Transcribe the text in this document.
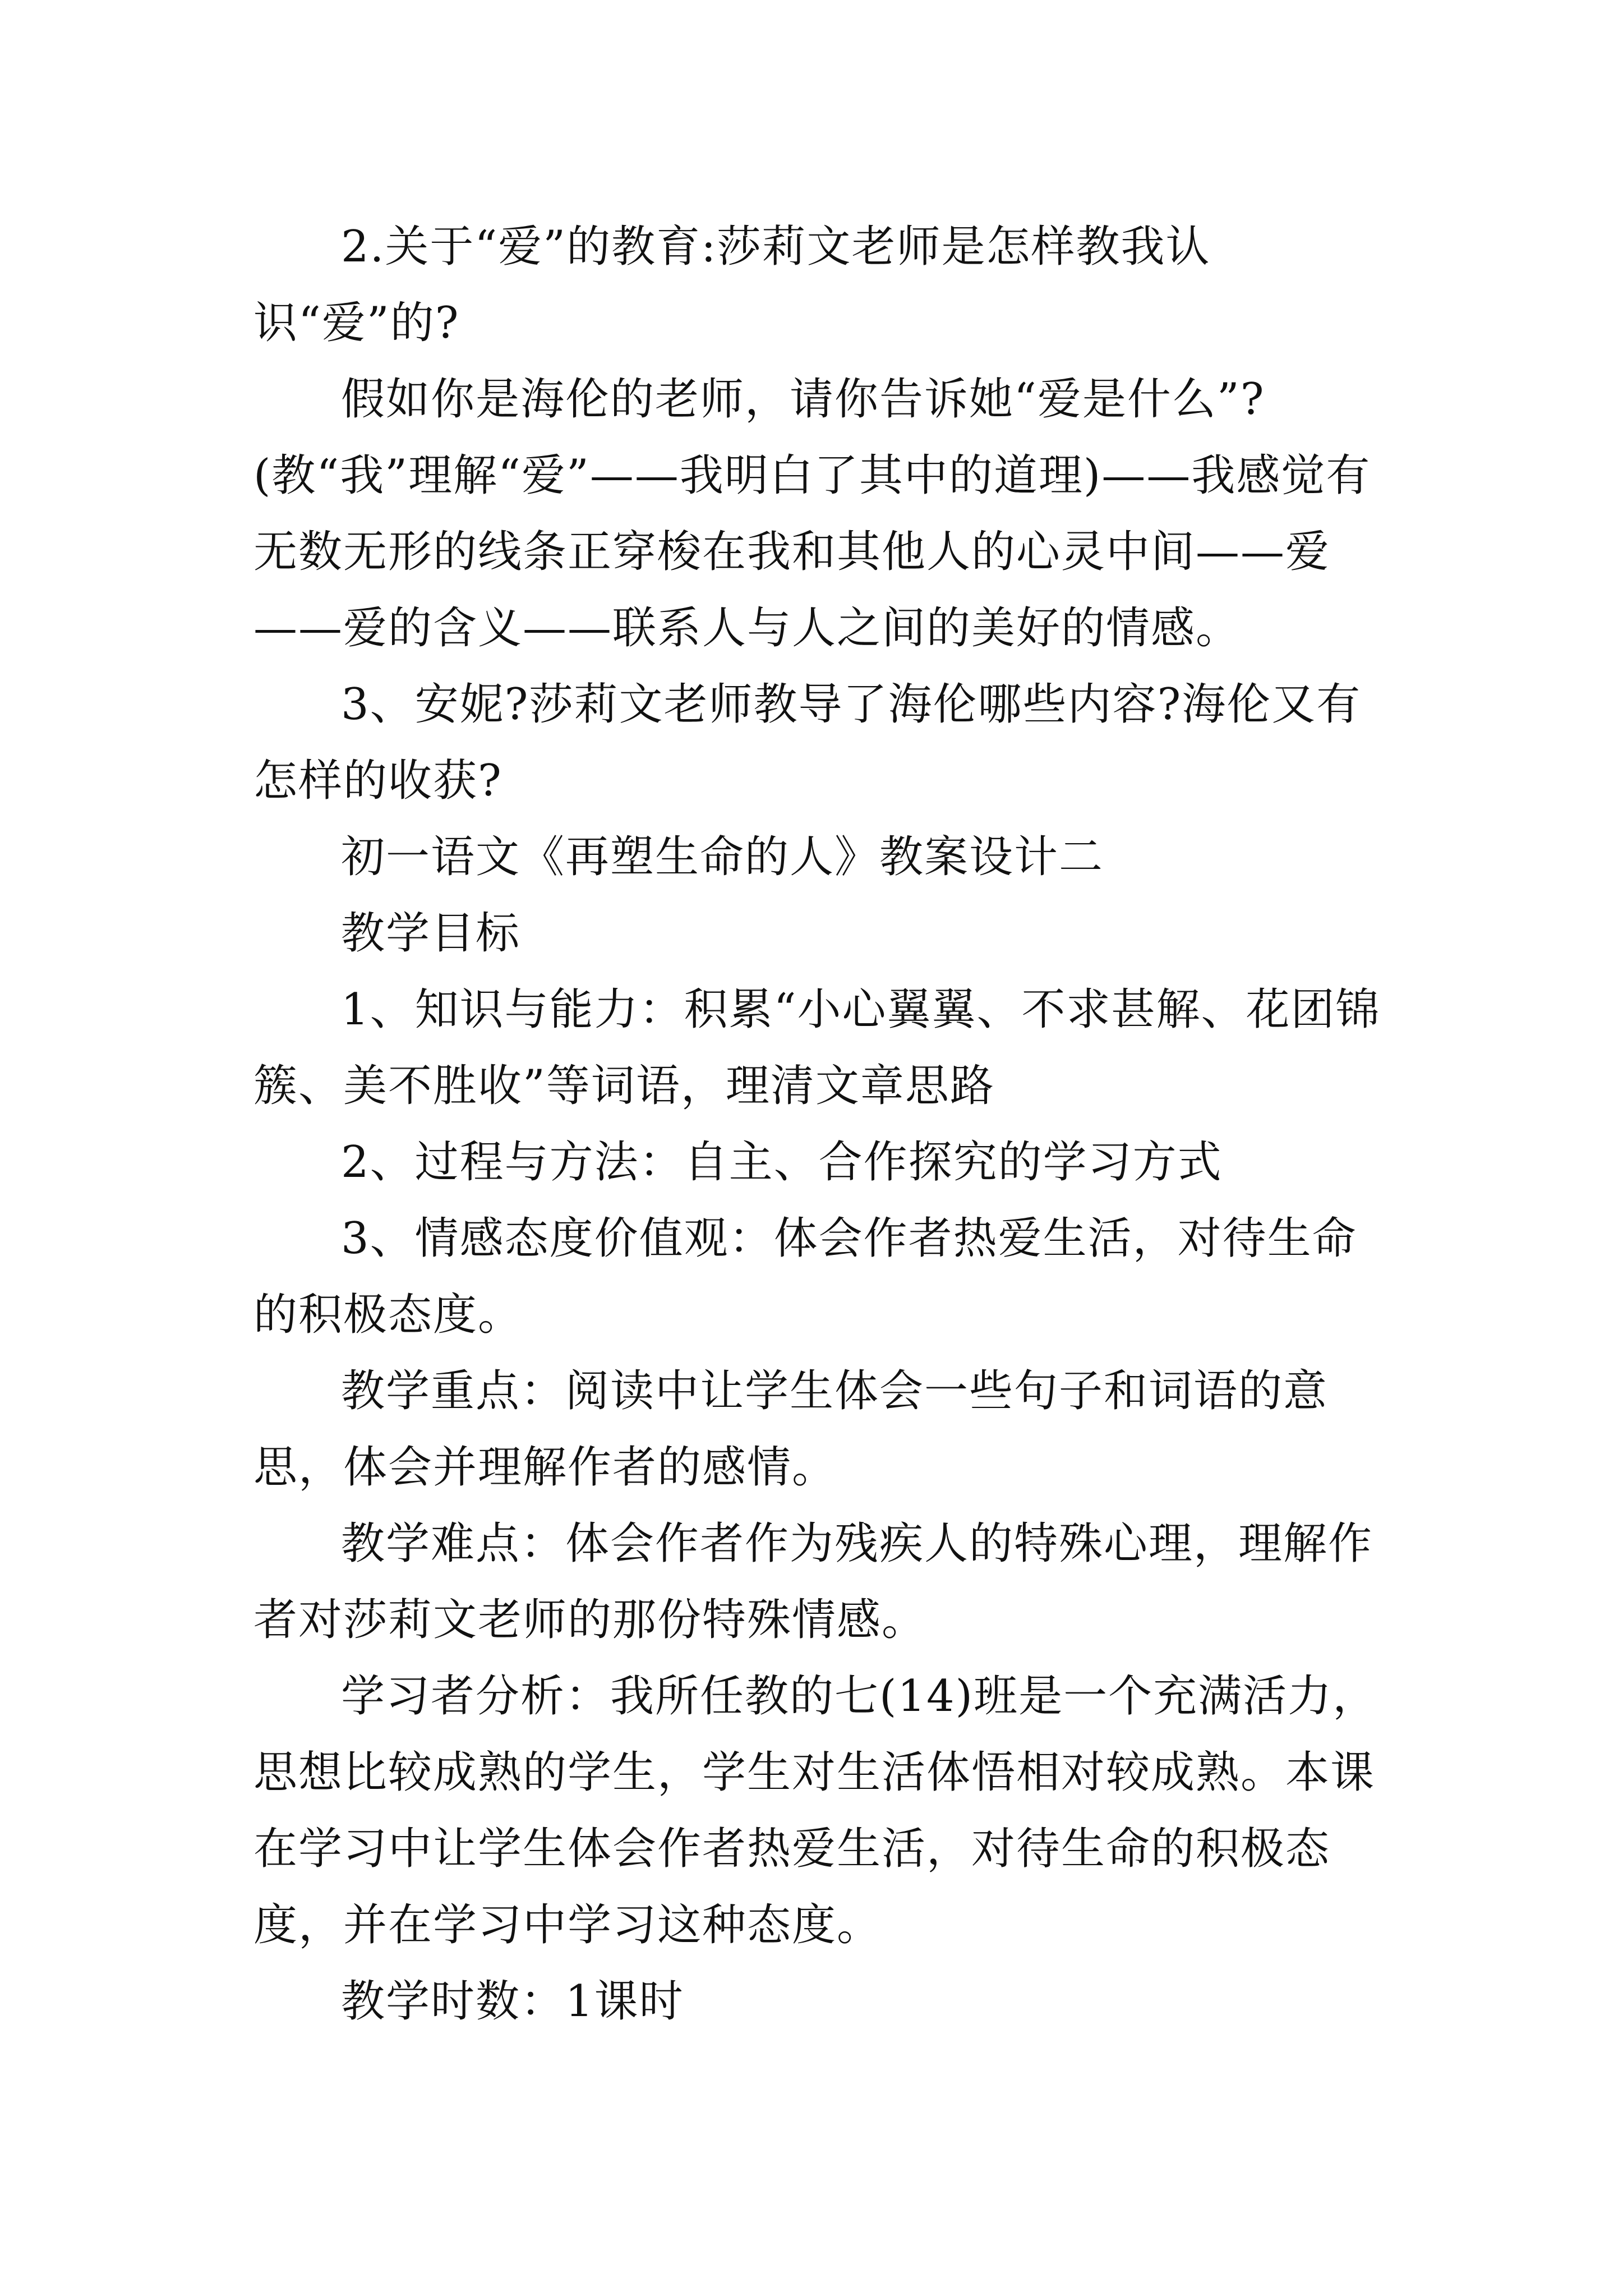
2.关于“爱”的教育:莎莉文老师是怎样教我认识“爱”的?

假如你是海伦的老师，请你告诉她“爱是什么”?(教“我”理解“爱”——我明白了其中的道理)——我感觉有无数无形的线条正穿梭在我和其他人的心灵中间——爱——爱的含义——联系人与人之间的美好的情感。

3、安妮?莎莉文老师教导了海伦哪些内容?海伦又有怎样的收获?

初一语文《再塑生命的人》教案设计二

教学目标

1、知识与能力：积累“小心翼翼、不求甚解、花团锦簇、美不胜收”等词语，理清文章思路

2、过程与方法：自主、合作探究的学习方式

3、情感态度价值观：体会作者热爱生活，对待生命的积极态度。

教学重点：阅读中让学生体会一些句子和词语的意思，体会并理解作者的感情。

教学难点：体会作者作为残疾人的特殊心理，理解作者对莎莉文老师的那份特殊情感。

学习者分析：我所任教的七(14)班是一个充满活力，思想比较成熟的学生，学生对生活体悟相对较成熟。本课在学习中让学生体会作者热爱生活，对待生命的积极态度，并在学习中学习这种态度。

教学时数：1课时
